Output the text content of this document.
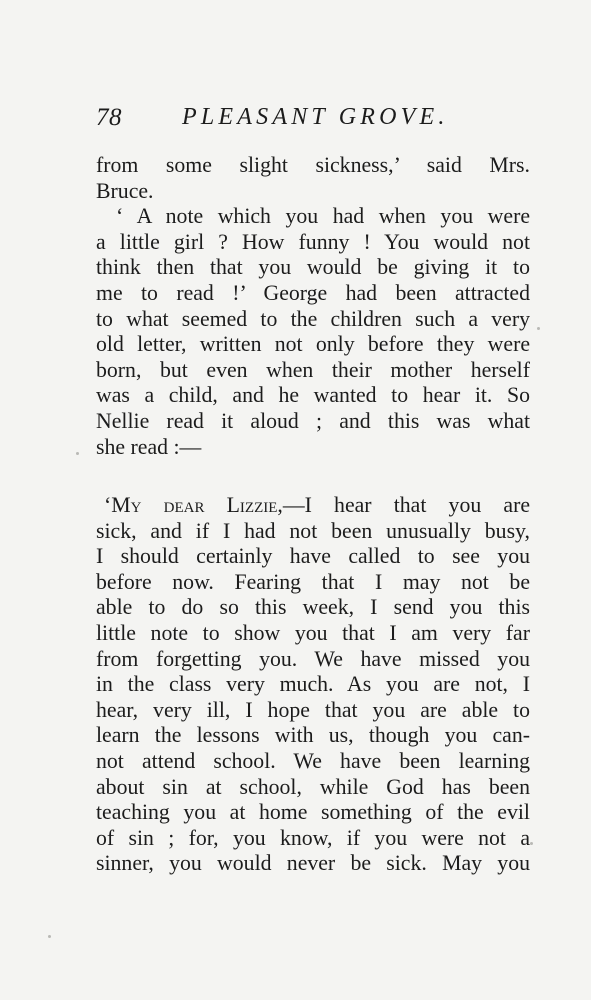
78	PLEASANT GROVE.
from some slight sickness,’ said Mrs.
Bruce.
‘ A note which you had when you were
a little girl ? How funny ! You would not
think then that you would be giving it to
me to read !’ George had been attracted
to what seemed to the children such a very
old letter, written not only before they were
born, but even when their mother herself
was a child, and he wanted to hear it. So
Nellie read it aloud ; and this was what
she read :—
‘My dear Lizzie,—I hear that you are
sick, and if I had not been unusually busy,
I should certainly have called to see you
before now. Fearing that I may not be
able to do so this week, I send you this
little note to show you that I am very far
from forgetting you. We have missed you
in the class very much. As you are not, I
hear, very ill, I hope that you are able to
learn the lessons with us, though you can-
not attend school. We have been learning
about sin at school, while God has been
teaching you at home something of the evil
of sin ; for, you know, if you were not a
sinner, you would never be sick. May you
